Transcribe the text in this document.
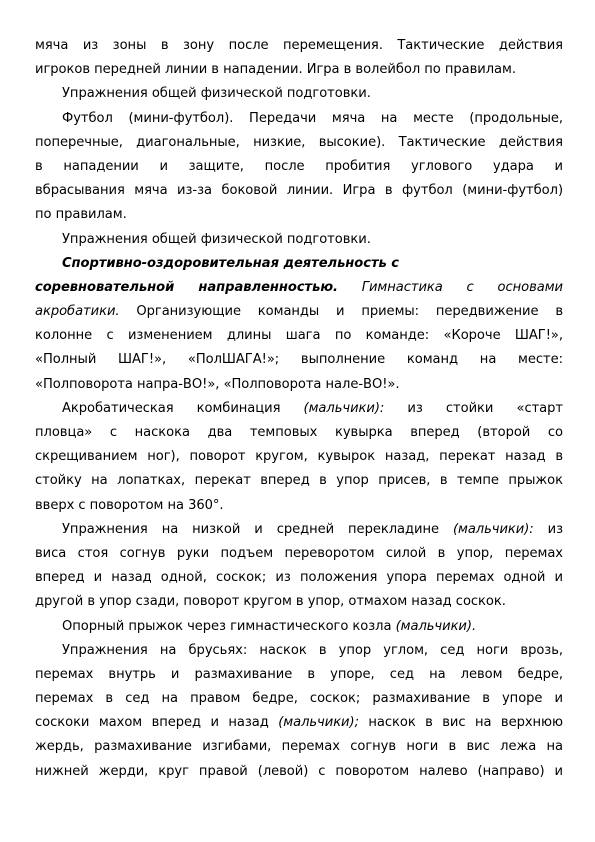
мяча из зоны в зону после перемещения. Тактические действия
игроков передней линии в нападении. Игра в волейбол по правилам.
Упражнения общей физической подготовки.
Футбол (мини-футбол). Передачи мяча на месте (продольные,
поперечные, диагональные, низкие, высокие). Тактические действия
в нападении и защите, после пробития углового удара и
вбрасывания мяча из-за боковой линии. Игра в футбол (мини-футбол)
по правилам.
Упражнения общей физической подготовки.
Спортивно-оздоровительная деятельность с
соревновательной направленностью. Гимнастика с основами
акробатики. Организующие команды и приемы: передвижение в
колонне с изменением длины шага по команде: «Короче ШАГ!»,
«Полный ШАГ!», «ПолШАГА!»; выполнение команд на месте:
«Полповорота напра-ВО!», «Полповорота нале-ВО!».
Акробатическая комбинация (мальчики): из стойки «старт
пловца» с наскока два темповых кувырка вперед (второй со
скрещиванием ног), поворот кругом, кувырок назад, перекат назад в
стойку на лопатках, перекат вперед в упор присев, в темпе прыжок
вверх с поворотом на 360°.
Упражнения на низкой и средней перекладине (мальчики): из
виса стоя согнув руки подъем переворотом силой в упор, перемах
вперед и назад одной, соскок; из положения упора перемах одной и
другой в упор сзади, поворот кругом в упор, отмахом назад соскок.
Опорный прыжок через гимнастического козла (мальчики).
Упражнения на брусьях: наскок в упор углом, сед ноги врозь,
перемах внутрь и размахивание в упоре, сед на левом бедре,
перемах в сед на правом бедре, соскок; размахивание в упоре и
соскоки махом вперед и назад (мальчики); наскок в вис на верхнюю
жердь, размахивание изгибами, перемах согнув ноги в вис лежа на
нижней жерди, круг правой (левой) с поворотом налево (направо) и
